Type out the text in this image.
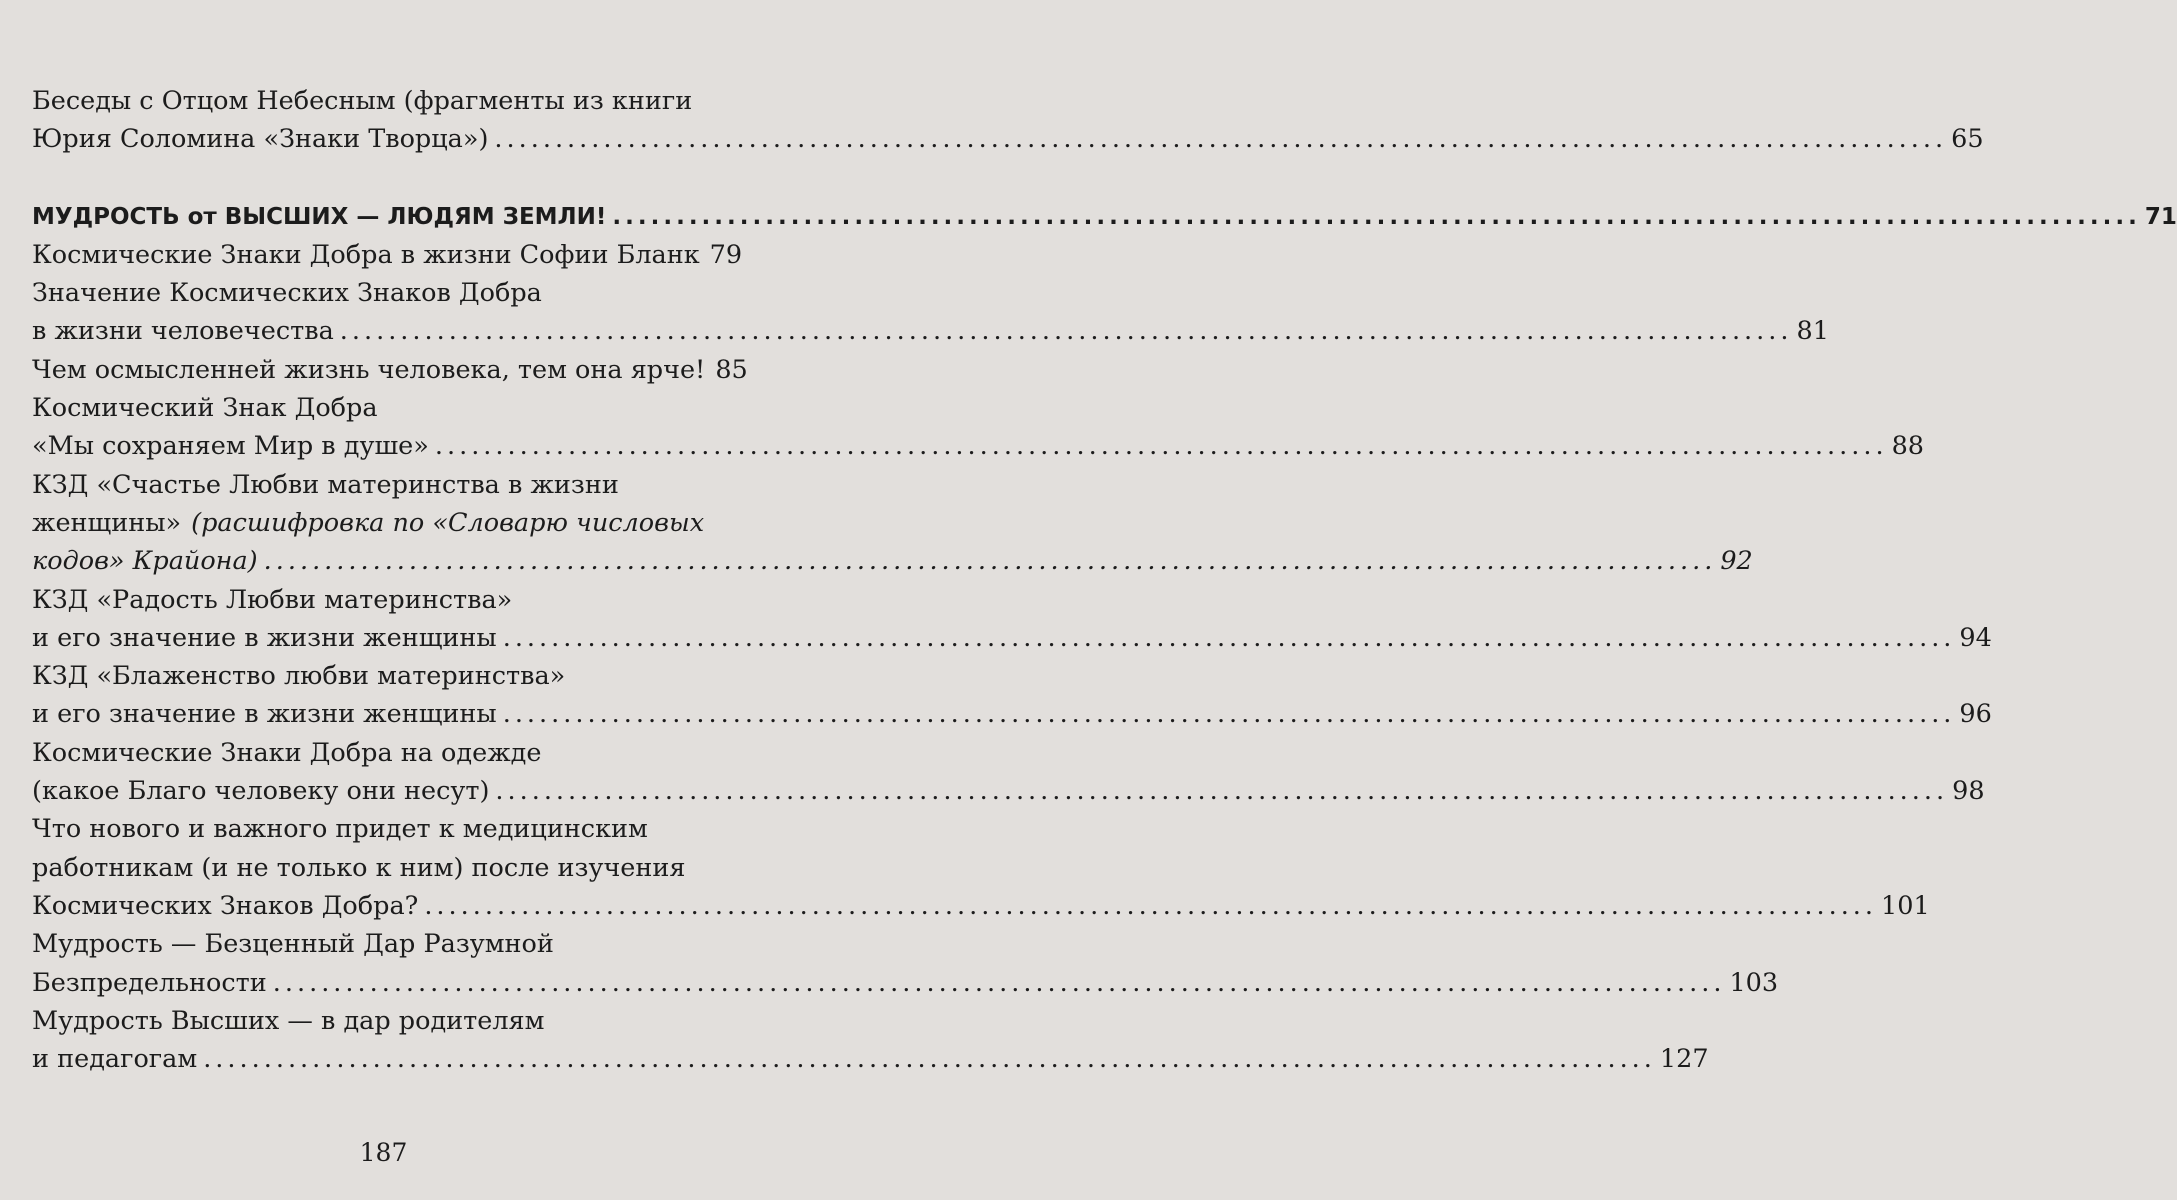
Беседы с Отцом Небесным (фрагменты из книги
Юрия Соломина «Знаки Творца») ........................................................................................................................ 65
МУДРОСТЬ от ВЫСШИХ — ЛЮДЯМ ЗЕМЛИ! ........................................................................................................................ 71
Космические Знаки Добра в жизни Софии Бланк 79
Значение Космических Знаков Добра
в жизни человечества ........................................................................................................................ 81
Чем осмысленней жизнь человека, тем она ярче! 85
Космический Знак Добра
«Мы сохраняем Мир в душе» ........................................................................................................................ 88
КЗД «Счастье Любви материнства в жизни
женщины» (расшифровка по «Словарю числовых
кодов» Крайона) ........................................................................................................................ 92
КЗД «Радость Любви материнства»
и его значение в жизни женщины ........................................................................................................................ 94
КЗД «Блаженство любви материнства»
и его значение в жизни женщины ........................................................................................................................ 96
Космические Знаки Добра на одежде
(какое Благо человеку они несут) ........................................................................................................................ 98
Что нового и важного придет к медицинским
работникам (и не только к ним) после изучения
Космических Знаков Добра? ........................................................................................................................ 101
Мудрость — Безценный Дар Разумной
Безпредельности ........................................................................................................................ 103
Мудрость Высших — в дар родителям
и педагогам ........................................................................................................................ 127
187
